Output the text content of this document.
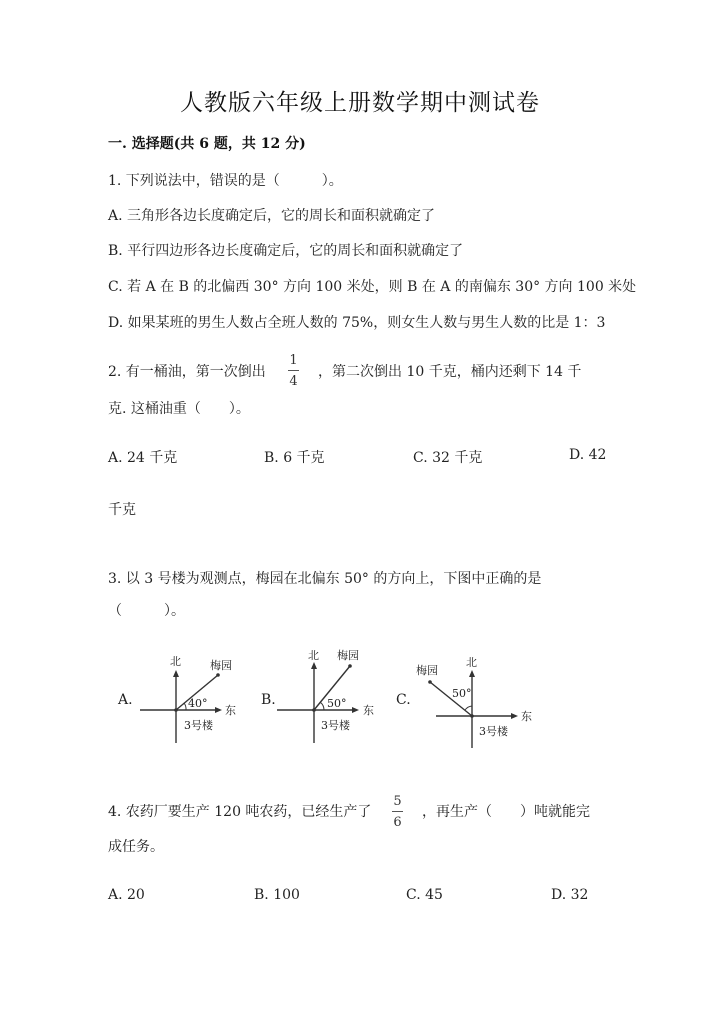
人教版六年级上册数学期中测试卷
一. 选择题(共 6 题，共 12 分)
1. 下列说法中，错误的是（　　　）。
A. 三角形各边长度确定后，它的周长和面积就确定了
B. 平行四边形各边长度确定后，它的周长和面积就确定了
C. 若 A 在 B 的北偏西 30° 方向 100 米处，则 B 在 A 的南偏东 30° 方向 100 米处
D. 如果某班的男生人数占全班人数的 75%，则女生人数与男生人数的比是 1：3
2. 有一桶油，第一次倒出
1
4
，第二次倒出 10 千克，桶内还剩下 14 千
克. 这桶油重（　　）。
A. 24 千克	B. 6 千克	C. 32 千克	D. 42
千克
3. 以 3 号楼为观测点，梅园在北偏东 50° 的方向上，下图中正确的是
（　　　）。
A.
北	梅园
40°
东
3号楼
B.
北 梅园
50°
东
3号楼
C.
北
梅园
50°
东
3号楼
4. 农药厂要生产 120 吨农药，已经生产了
5
6
，再生产（　　）吨就能完
成任务。
A. 20	B. 100	C. 45	D. 32
